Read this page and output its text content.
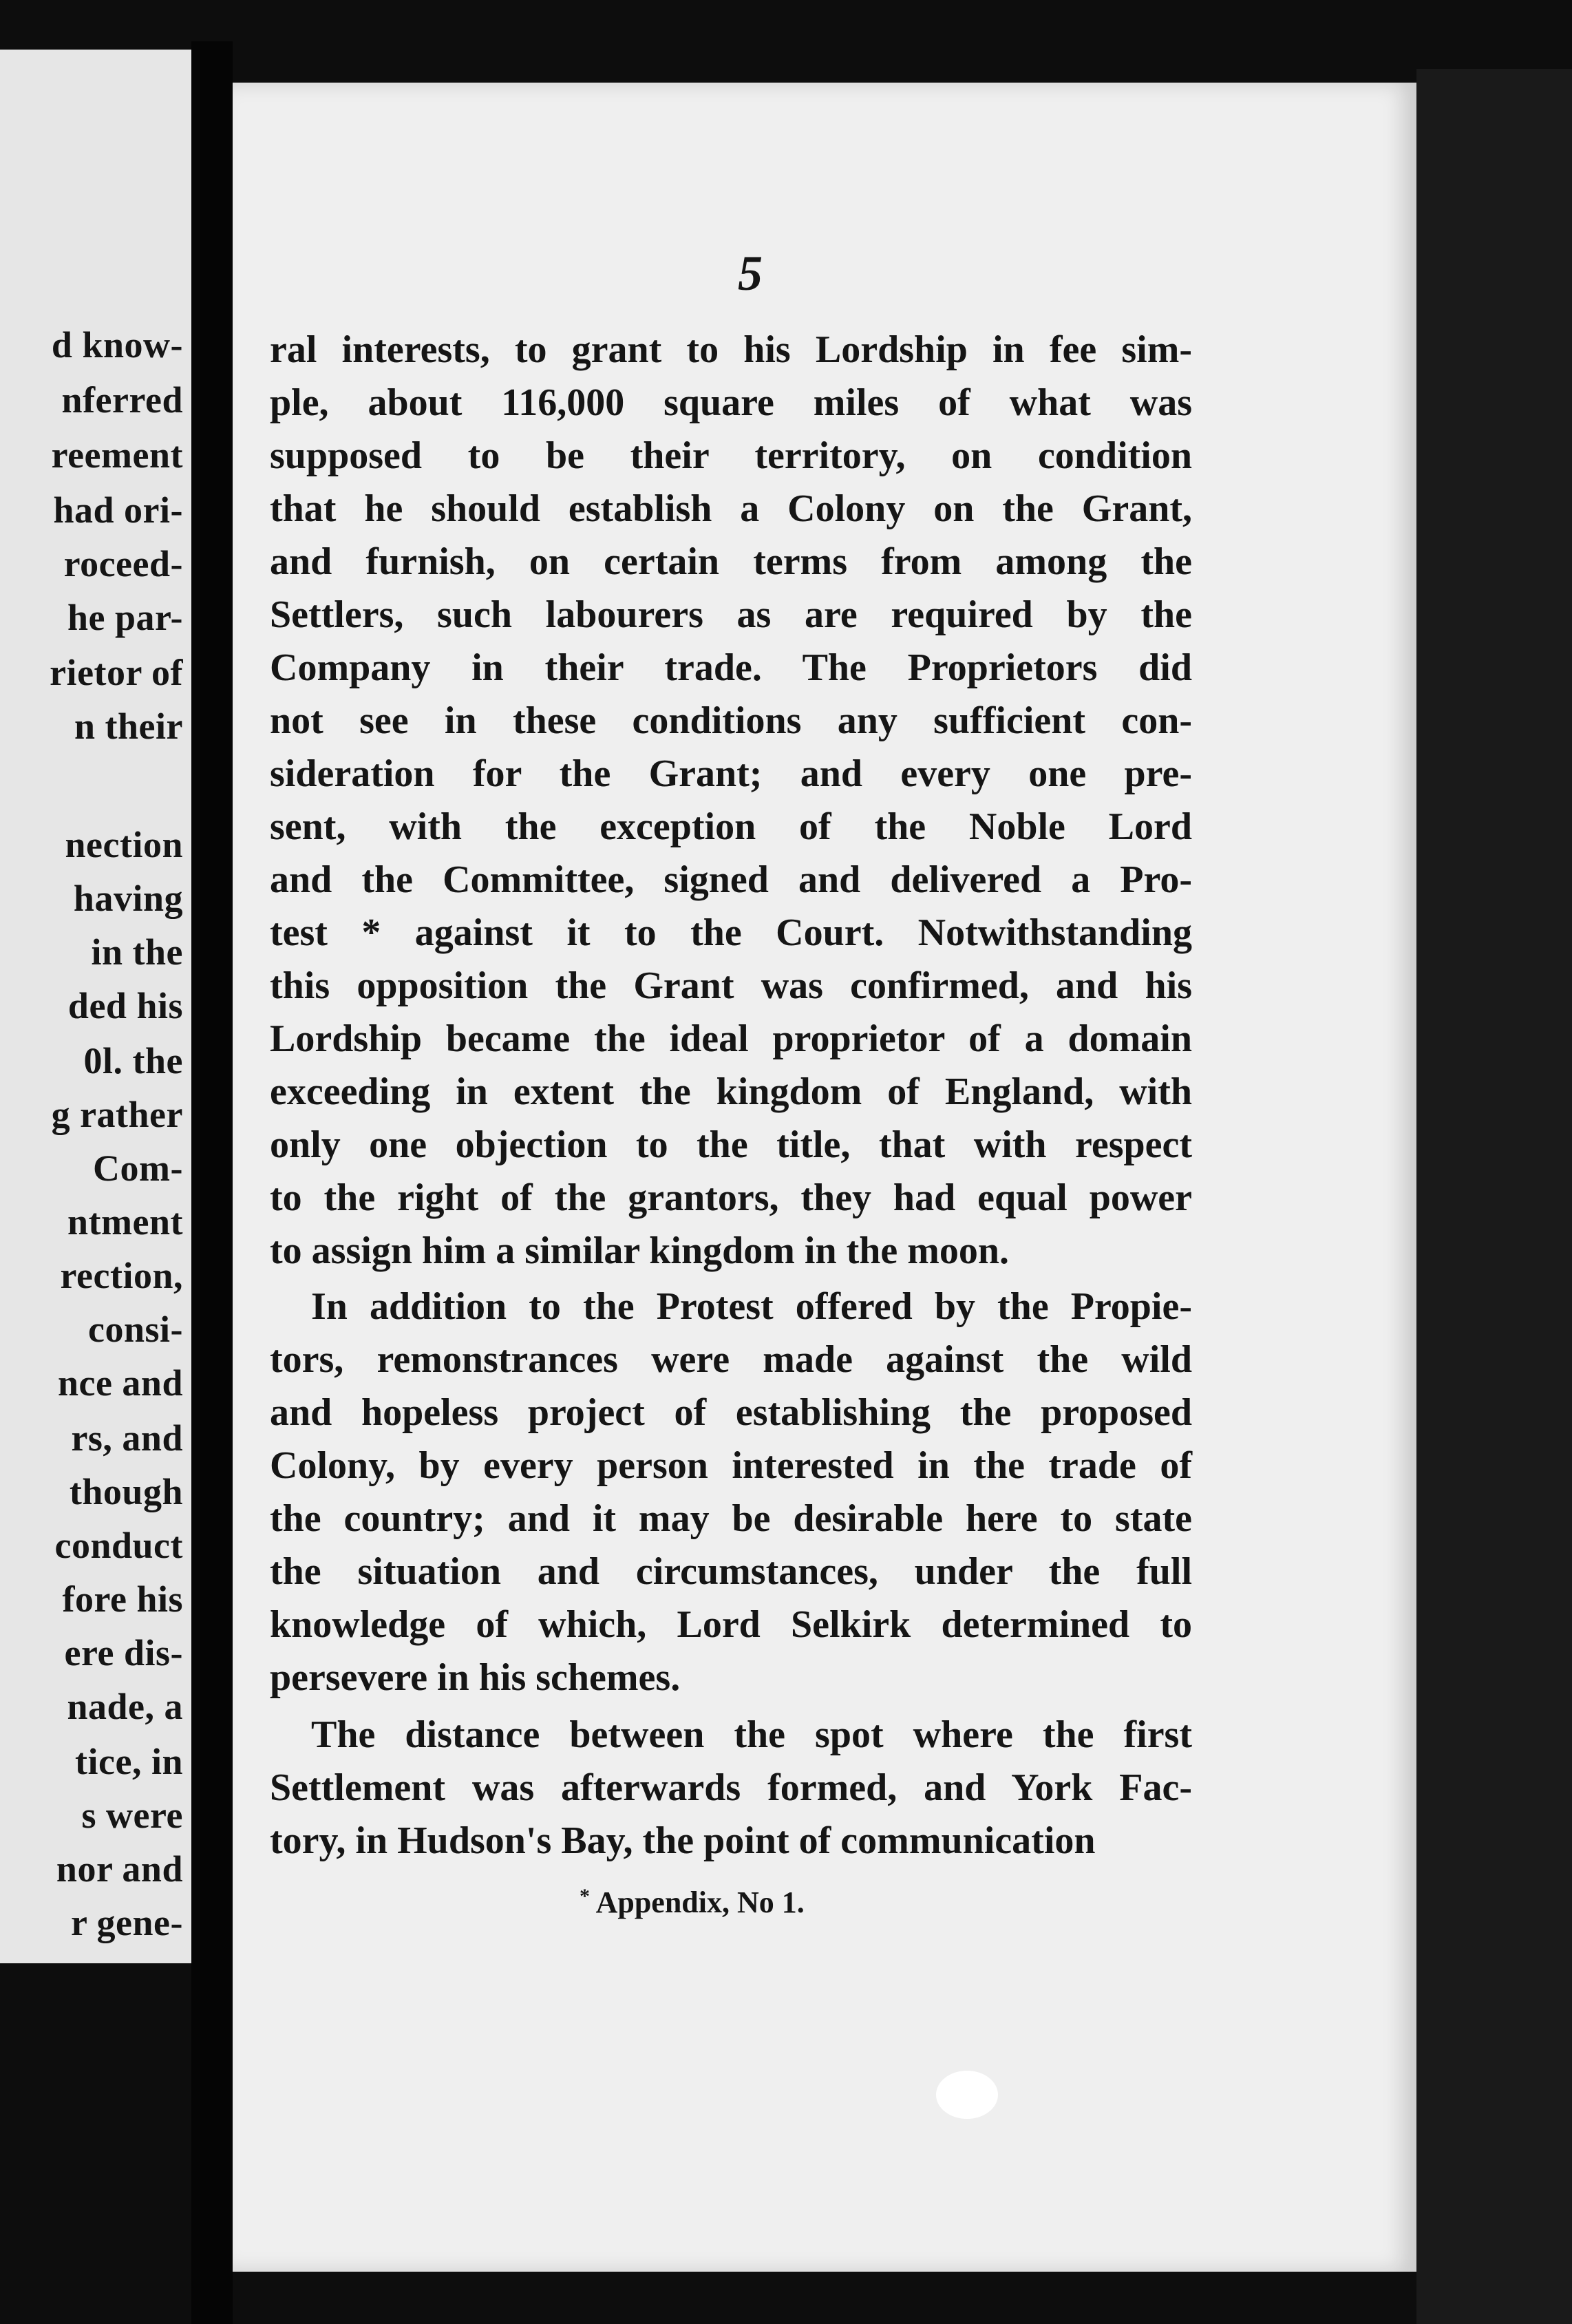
d know-
nferred
reement
had ori-
roceed-
he par-
rietor of
n their
nection
having
in the
ded his
0l. the
g rather
Com-
ntment
rection,
consi-
nce and
rs, and
though
conduct
fore his
ere dis-
nade, a
tice, in
s were
nor and
r gene-
5
ral interests, to grant to his Lordship in fee sim-
ple, about 116,000 square miles of what was
supposed to be their territory, on condition
that he should establish a Colony on the Grant,
and furnish, on certain terms from among the
Settlers, such labourers as are required by the
Company in their trade. The Proprietors did
not see in these conditions any sufficient con-
sideration for the Grant; and every one pre-
sent, with the exception of the Noble Lord
and the Committee, signed and delivered a Pro-
test * against it to the Court. Notwithstanding
this opposition the Grant was confirmed, and his
Lordship became the ideal proprietor of a domain
exceeding in extent the kingdom of England, with
only one objection to the title, that with respect
to the right of the grantors, they had equal power
to assign him a similar kingdom in the moon.
In addition to the Protest offered by the Propie-
tors, remonstrances were made against the wild
and hopeless project of establishing the proposed
Colony, by every person interested in the trade of
the country; and it may be desirable here to state
the situation and circumstances, under the full
knowledge of which, Lord Selkirk determined to
persevere in his schemes.
The distance between the spot where the first
Settlement was afterwards formed, and York Fac-
tory, in Hudson's Bay, the point of communication
* Appendix, No 1.
